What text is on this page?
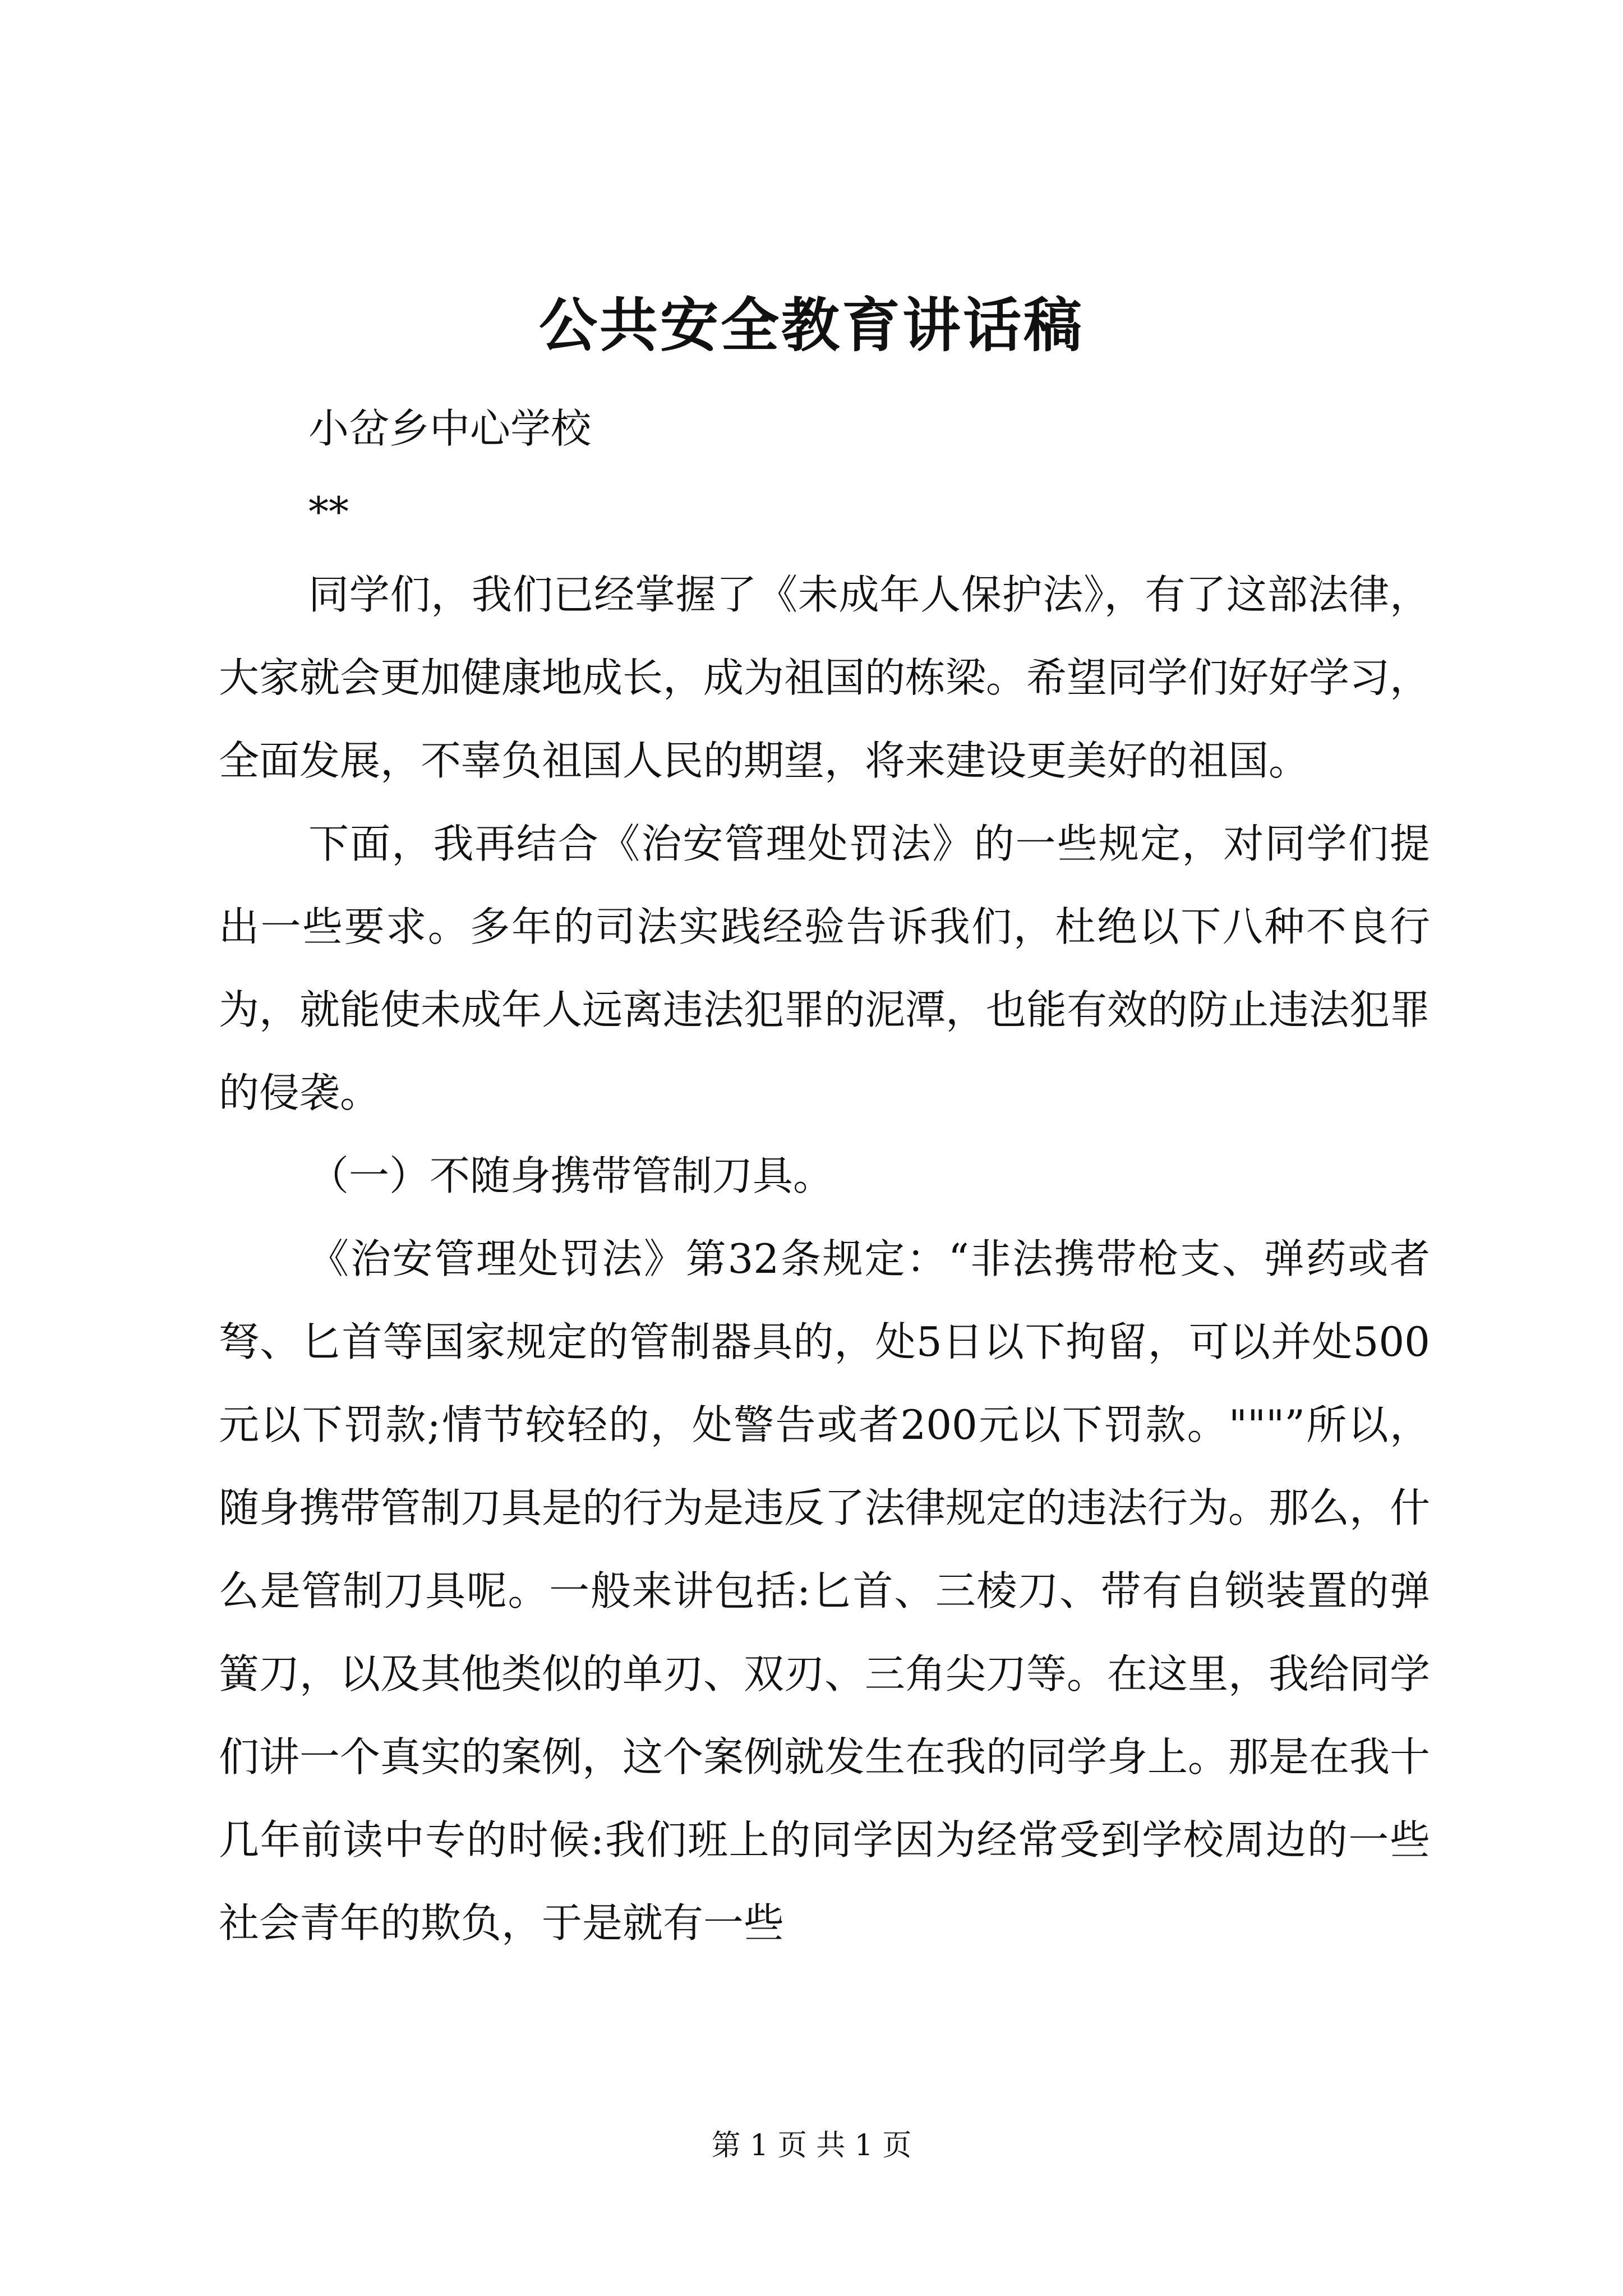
公共安全教育讲话稿

小岔乡中心学校

**

同学们，我们已经掌握了《未成年人保护法》，有了这部法律，大家就会更加健康地成长，成为祖国的栋梁。希望同学们好好学习，全面发展，不辜负祖国人民的期望，将来建设更美好的祖国。

下面，我再结合《治安管理处罚法》的一些规定，对同学们提出一些要求。多年的司法实践经验告诉我们，杜绝以下八种不良行为，就能使未成年人远离违法犯罪的泥潭，也能有效的防止违法犯罪的侵袭。

（一）不随身携带管制刀具。

《治安管理处罚法》第32条规定：“非法携带枪支、弹药或者弩、匕首等国家规定的管制器具的，处5日以下拘留，可以并处500元以下罚款;情节较轻的，处警告或者200元以下罚款。"""”所以，随身携带管制刀具是的行为是违反了法律规定的违法行为。那么，什么是管制刀具呢。一般来讲包括:匕首、三棱刀、带有自锁装置的弹簧刀，以及其他类似的单刃、双刃、三角尖刀等。在这里，我给同学们讲一个真实的案例，这个案例就发生在我的同学身上。那是在我十几年前读中专的时候:我们班上的同学因为经常受到学校周边的一些社会青年的欺负，于是就有一些

第 1 页 共 1 页
